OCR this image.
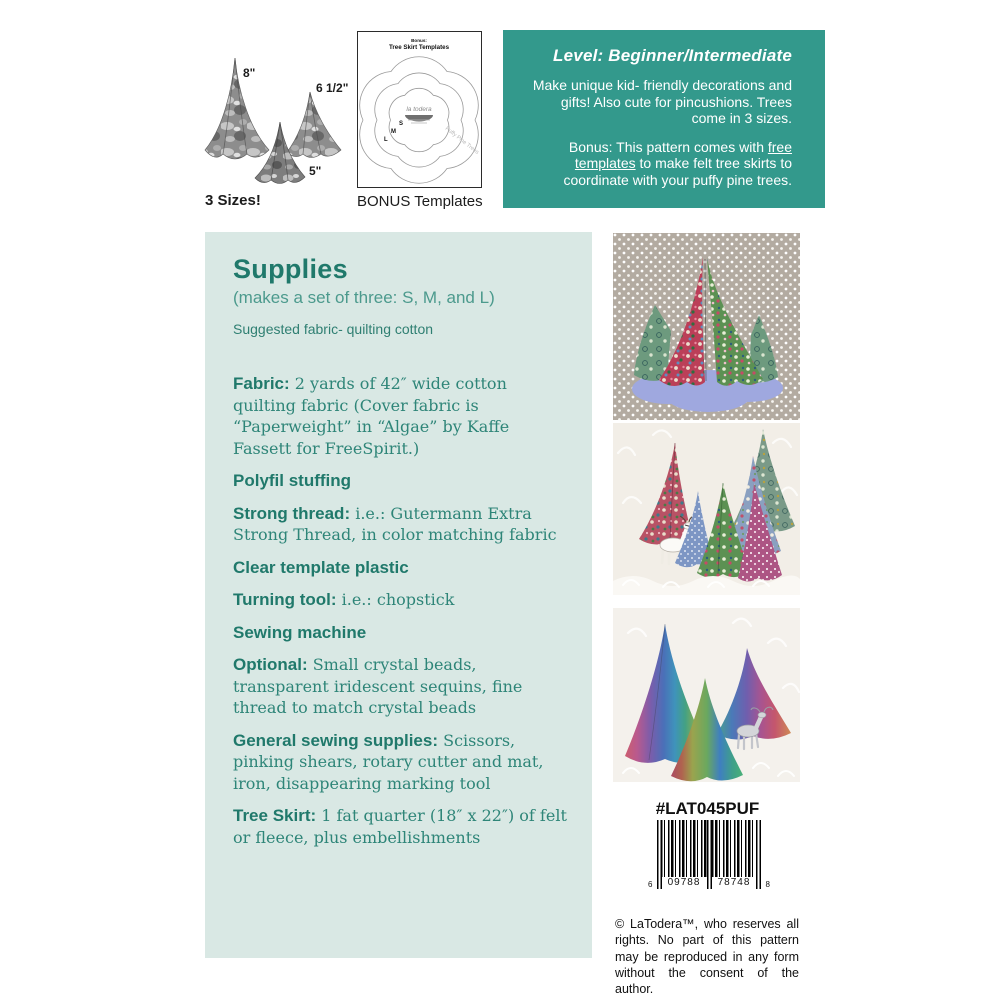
8"
6 1/2"
5"
3 Sizes!
Bonus:
Tree Skirt Templates
la todera
S
M
L	Puffy Pine Trees
BONUS Templates
Level: Beginner/Intermediate
Make unique kid- friendly decorations and gifts! Also cute for pincushions. Trees come in 3 sizes.
Bonus: This pattern comes with free templates to make felt tree skirts to coordinate with your puffy pine trees.
Supplies
(makes a set of three: S, M, and L)
Suggested fabric- quilting cotton
Fabric: 2 yards of 42″ wide cotton quilting fabric (Cover fabric is “Paperweight” in “Algae” by Kaffe Fassett for FreeSpirit.)
Polyfil stuffing
Strong thread: i.e.: Gutermann Extra Strong Thread, in color matching fabric
Clear template plastic
Turning tool: i.e.: chopstick
Sewing machine
Optional: Small crystal beads, transparent iridescent sequins, fine thread to match crystal beads
General sewing supplies: Scissors, pinking shears, rotary cutter and mat, iron, disappearing marking tool
Tree Skirt: 1 fat quarter (18″ x 22″) of felt or fleece, plus embellishments
#LAT045PUF
09788	78748
6	8
© LaTodera™, who reserves all rights. No part of this pattern may be reproduced in any form without the consent of the author.
